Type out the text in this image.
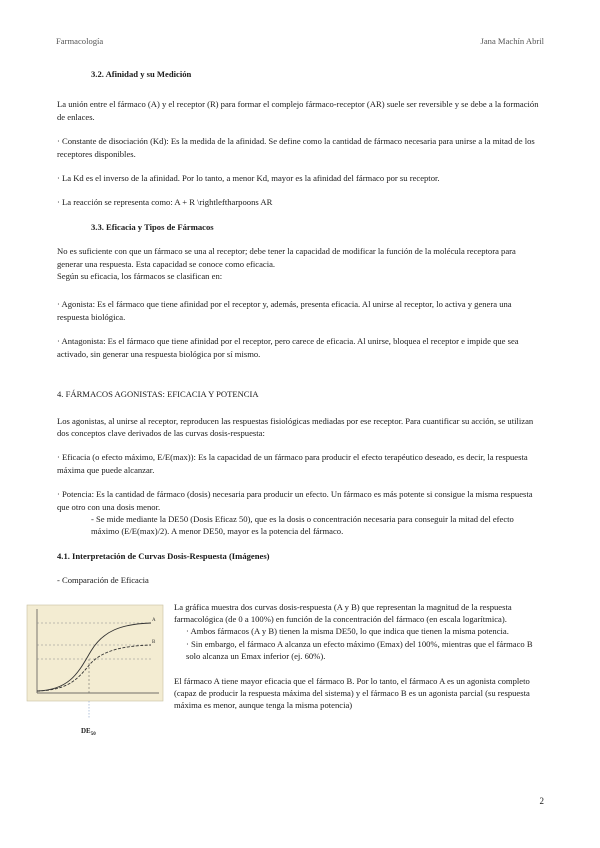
Farmacología	Jana Machín Abril

3.2. Afinidad y su Medición

La unión entre el fármaco (A) y el receptor (R) para formar el complejo fármaco-receptor (AR) suele ser reversible y se debe a la formación de enlaces.

· Constante de disociación (Kd): Es la medida de la afinidad. Se define como la cantidad de fármaco necesaria para unirse a la mitad de los receptores disponibles.

· La Kd es el inverso de la afinidad. Por lo tanto, a menor Kd, mayor es la afinidad del fármaco por su receptor.

· La reacción se representa como: A + R \rightleftharpoons AR

3.3. Eficacia y Tipos de Fármacos

No es suficiente con que un fármaco se una al receptor; debe tener la capacidad de modificar la función de la molécula receptora para generar una respuesta. Esta capacidad se conoce como eficacia.

Según su eficacia, los fármacos se clasifican en:

· Agonista: Es el fármaco que tiene afinidad por el receptor y, además, presenta eficacia. Al unirse al receptor, lo activa y genera una respuesta biológica.

· Antagonista: Es el fármaco que tiene afinidad por el receptor, pero carece de eficacia. Al unirse, bloquea el receptor e impide que sea activado, sin generar una respuesta biológica por sí mismo.

4. FÁRMACOS AGONISTAS: EFICACIA Y POTENCIA

Los agonistas, al unirse al receptor, reproducen las respuestas fisiológicas mediadas por ese receptor. Para cuantificar su acción, se utilizan dos conceptos clave derivados de las curvas dosis-respuesta:

· Eficacia (o efecto máximo, E/E(max)): Es la capacidad de un fármaco para producir el efecto terapéutico deseado, es decir, la respuesta máxima que puede alcanzar.

· Potencia: Es la cantidad de fármaco (dosis) necesaria para producir un efecto. Un fármaco es más potente si consigue la misma respuesta que otro con una dosis menor.

- Se mide mediante la DE50 (Dosis Eficaz 50), que es la dosis o concentración necesaria para conseguir la mitad del efecto máximo (E/E(max)/2). A menor DE50, mayor es la potencia del fármaco.

4.1. Interpretación de Curvas Dosis-Respuesta (Imágenes)

- Comparación de Eficacia

A
B
$DE_{50}$

La gráfica muestra dos curvas dosis-respuesta (A y B) que representan la magnitud de la respuesta farmacológica (de 0 a 100%) en función de la concentración del fármaco (en escala logarítmica).

· Ambos fármacos (A y B) tienen la misma DE50, lo que indica que tienen la misma potencia.

· Sin embargo, el fármaco A alcanza un efecto máximo (Emax) del 100%, mientras que el fármaco B solo alcanza un Emax inferior (ej. 60%).

El fármaco A tiene mayor eficacia que el fármaco B. Por lo tanto, el fármaco A es un agonista completo (capaz de producir la respuesta máxima del sistema) y el fármaco B es un agonista parcial (su respuesta máxima es menor, aunque tenga la misma potencia)

2
